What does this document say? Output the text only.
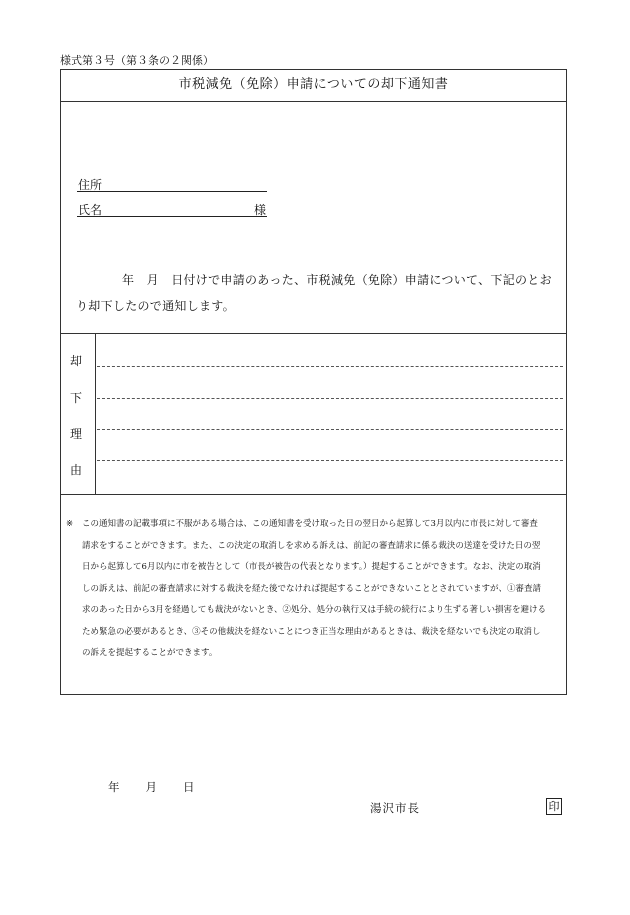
様式第３号（第３条の２関係）
市税減免（免除）申請についての却下通知書
住所
氏名	様
年　月　日付けで申請のあった、市税減免（免除）申請について、下記のとおり却下したので通知します。
却
下
理
由
※ この通知書の記載事項に不服がある場合は、この通知書を受け取った日の翌日から起算して3月以内に市長に対して審査
請求をすることができます。また、この決定の取消しを求める訴えは、前記の審査請求に係る裁決の送達を受けた日の翌
日から起算して6月以内に市を被告として（市長が被告の代表となります。）提起することができます。なお、決定の取消
しの訴えは、前記の審査請求に対する裁決を経た後でなければ提起することができないこととされていますが、①審査請
求のあった日から3月を経過しても裁決がないとき、②処分、処分の執行又は手続の続行により生ずる著しい損害を避ける
ため緊急の必要があるとき、③その他裁決を経ないことにつき正当な理由があるときは、裁決を経ないでも決定の取消し
の訴えを提起することができます。
年 月 日
湯沢市長	印
